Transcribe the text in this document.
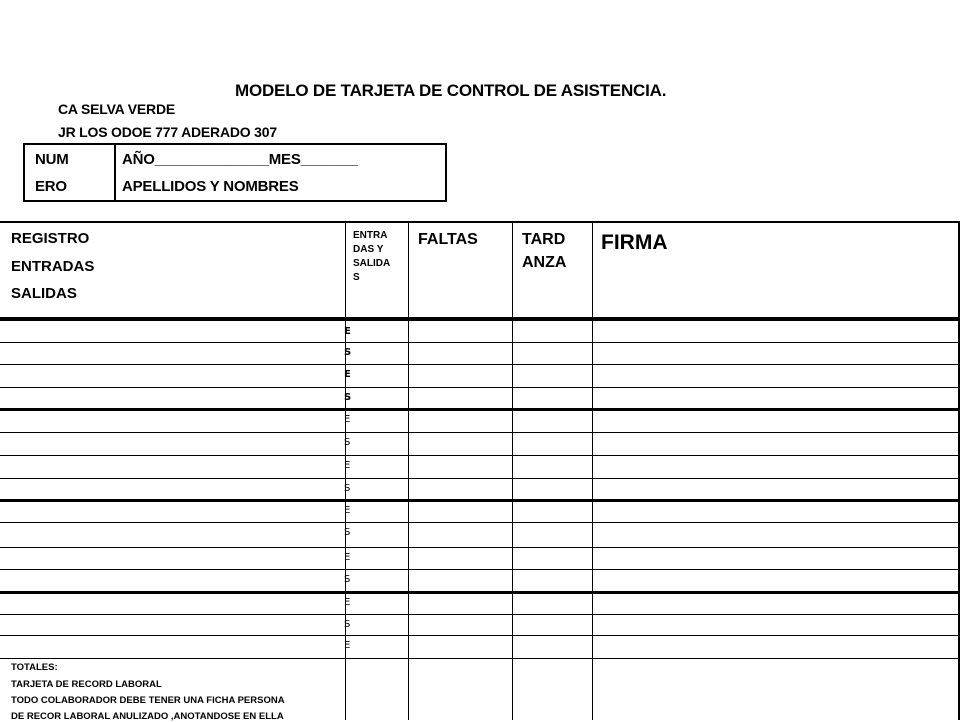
MODELO DE TARJETA DE CONTROL DE ASISTENCIA.
CA SELVA VERDE
JR LOS ODOE 777 ADERADO 307
NUM
ERO
AÑO______________MES_______
APELLIDOS Y NOMBRES
REGISTRO
ENTRADAS
SALIDAS
ENTRA
DAS Y
SALIDA
S
FALTAS	TARD
ANZA
FIRMA
E
S
E
S
E
S
E
S
E
S
E
S
E
S
E
TOTALES:
TARJETA DE RECORD LABORAL
TODO COLABORADOR DEBE TENER UNA FICHA PERSONA
DE RECOR LABORAL ANULIZADO ,ANOTANDOSE EN ELLA
